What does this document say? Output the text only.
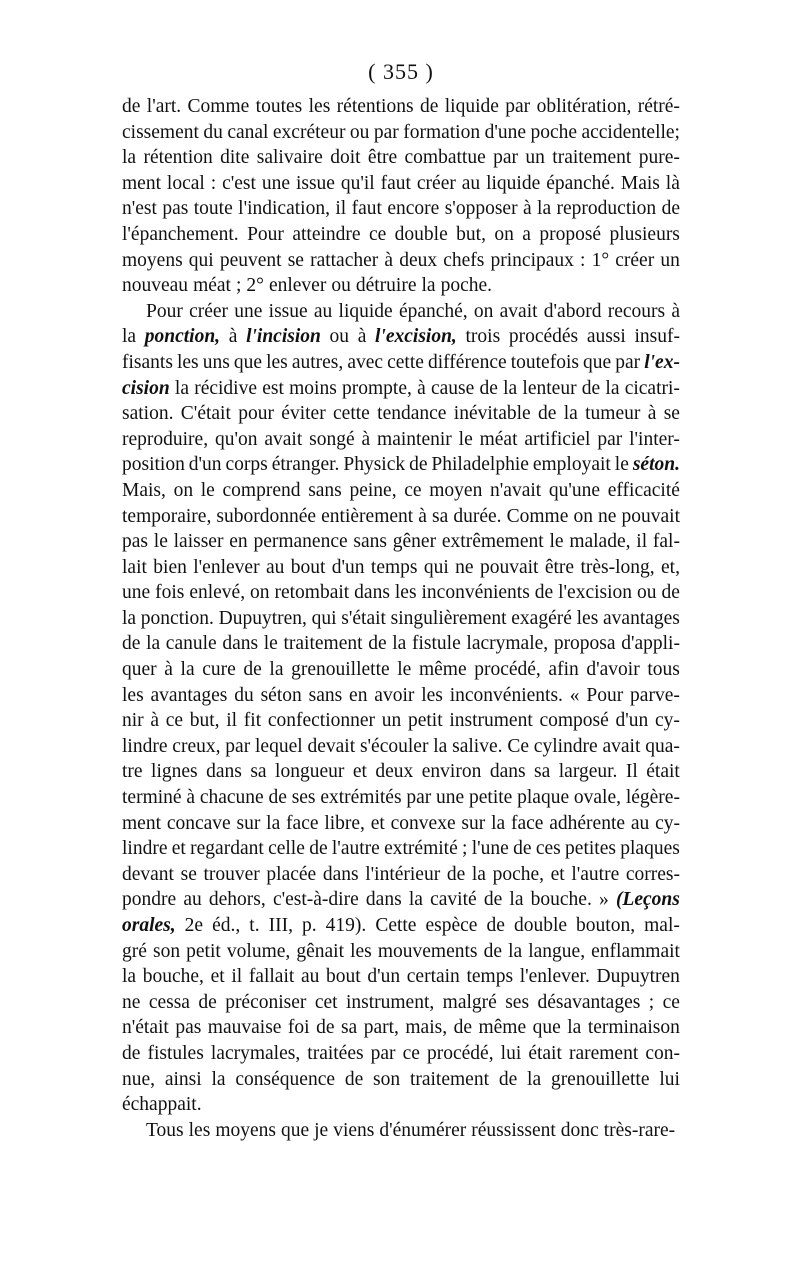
( 355 )
de l'art. Comme toutes les rétentions de liquide par oblitération, rétré-
cissement du canal excréteur ou par formation d'une poche accidentelle;
la rétention dite salivaire doit être combattue par un traitement pure-
ment local : c'est une issue qu'il faut créer au liquide épanché. Mais là
n'est pas toute l'indication, il faut encore s'opposer à la reproduction de
l'épanchement. Pour atteindre ce double but, on a proposé plusieurs
moyens qui peuvent se rattacher à deux chefs principaux : 1° créer un
nouveau méat ; 2° enlever ou détruire la poche.
Pour créer une issue au liquide épanché, on avait d'abord recours à
la ponction, à l'incision ou à l'excision, trois procédés aussi insuf-
fisants les uns que les autres, avec cette différence toutefois que par l'ex-
cision la récidive est moins prompte, à cause de la lenteur de la cicatri-
sation. C'était pour éviter cette tendance inévitable de la tumeur à se
reproduire, qu'on avait songé à maintenir le méat artificiel par l'inter-
position d'un corps étranger. Physick de Philadelphie employait le séton.
Mais, on le comprend sans peine, ce moyen n'avait qu'une efficacité
temporaire, subordonnée entièrement à sa durée. Comme on ne pouvait
pas le laisser en permanence sans gêner extrêmement le malade, il fal-
lait bien l'enlever au bout d'un temps qui ne pouvait être très-long, et,
une fois enlevé, on retombait dans les inconvénients de l'excision ou de
la ponction. Dupuytren, qui s'était singulièrement exagéré les avantages
de la canule dans le traitement de la fistule lacrymale, proposa d'appli-
quer à la cure de la grenouillette le même procédé, afin d'avoir tous
les avantages du séton sans en avoir les inconvénients. « Pour parve-
nir à ce but, il fit confectionner un petit instrument composé d'un cy-
lindre creux, par lequel devait s'écouler la salive. Ce cylindre avait qua-
tre lignes dans sa longueur et deux environ dans sa largeur. Il était
terminé à chacune de ses extrémités par une petite plaque ovale, légère-
ment concave sur la face libre, et convexe sur la face adhérente au cy-
lindre et regardant celle de l'autre extrémité ; l'une de ces petites plaques
devant se trouver placée dans l'intérieur de la poche, et l'autre corres-
pondre au dehors, c'est-à-dire dans la cavité de la bouche. » (Leçons
orales, 2e éd., t. III, p. 419). Cette espèce de double bouton, mal-
gré son petit volume, gênait les mouvements de la langue, enflammait
la bouche, et il fallait au bout d'un certain temps l'enlever. Dupuytren
ne cessa de préconiser cet instrument, malgré ses désavantages ; ce
n'était pas mauvaise foi de sa part, mais, de même que la terminaison
de fistules lacrymales, traitées par ce procédé, lui était rarement con-
nue, ainsi la conséquence de son traitement de la grenouillette lui
échappait.
Tous les moyens que je viens d'énumérer réussissent donc très-rare-
